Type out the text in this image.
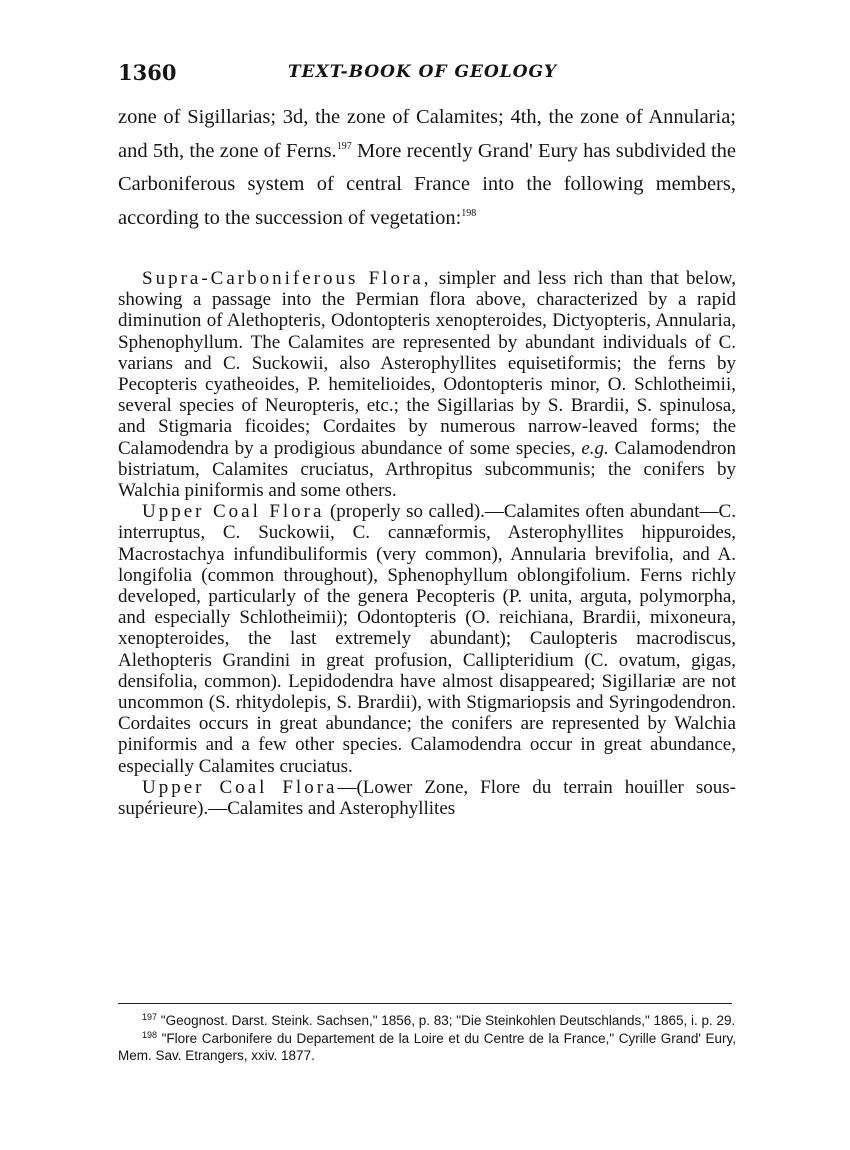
1360	TEXT-BOOK OF GEOLOGY

zone of Sigillarias; 3d, the zone of Calamites; 4th, the zone of Annularia; and 5th, the zone of Ferns.$^{197}$ More recently Grand' Eury has subdivided the Carboniferous system of central France into the following members, according to the succession of vegetation:$^{198}$

Supra-Carboniferous Flora, simpler and less rich than that below, showing a passage into the Permian flora above, characterized by a rapid diminution of Alethopteris, Odontopteris xenopteroides, Dictyopteris, Annularia, Sphenophyllum. The Calamites are represented by abundant individuals of C. varians and C. Suckowii, also Asterophyllites equisetiformis; the ferns by Pecopteris cyatheoides, P. hemitelioides, Odontopteris minor, O. Schlotheimii, several species of Neuropteris, etc.; the Sigillarias by S. Brardii, S. spinulosa, and Stigmaria ficoides; Cordaites by numerous narrow-leaved forms; the Calamodendra by a prodigious abundance of some species, e.g. Calamodendron bistriatum, Calamites cruciatus, Arthropitus subcommunis; the conifers by Walchia piniformis and some others.

Upper Coal Flora (properly so called).—Calamites often abundant—C. interruptus, C. Suckowii, C. cannæformis, Asterophyllites hippuroides, Macrostachya infundibuliformis (very common), Annularia brevifolia, and A. longifolia (common throughout), Sphenophyllum oblongifolium. Ferns richly developed, particularly of the genera Pecopteris (P. unita, arguta, polymorpha, and especially Schlotheimii); Odontopteris (O. reichiana, Brardii, mixoneura, xenopteroides, the last extremely abundant); Caulopteris macrodiscus, Alethopteris Grandini in great profusion, Callipteridium (C. ovatum, gigas, densifolia, common). Lepidodendra have almost disappeared; Sigillariæ are not uncommon (S. rhitydolepis, S. Brardii), with Stigmariopsis and Syringodendron. Cordaites occurs in great abundance; the conifers are represented by Walchia piniformis and a few other species. Calamodendra occur in great abundance, especially Calamites cruciatus.

Upper Coal Flora—(Lower Zone, Flore du terrain houiller sous-supérieure).—Calamites and Asterophyllites

$^{197}$ "Geognost. Darst. Steink. Sachsen," 1856, p. 83; "Die Steinkohlen Deutschlands," 1865, i. p. 29.

$^{198}$ "Flore Carbonifere du Departement de la Loire et du Centre de la France," Cyrille Grand' Eury, Mem. Sav. Etrangers, xxiv. 1877.
